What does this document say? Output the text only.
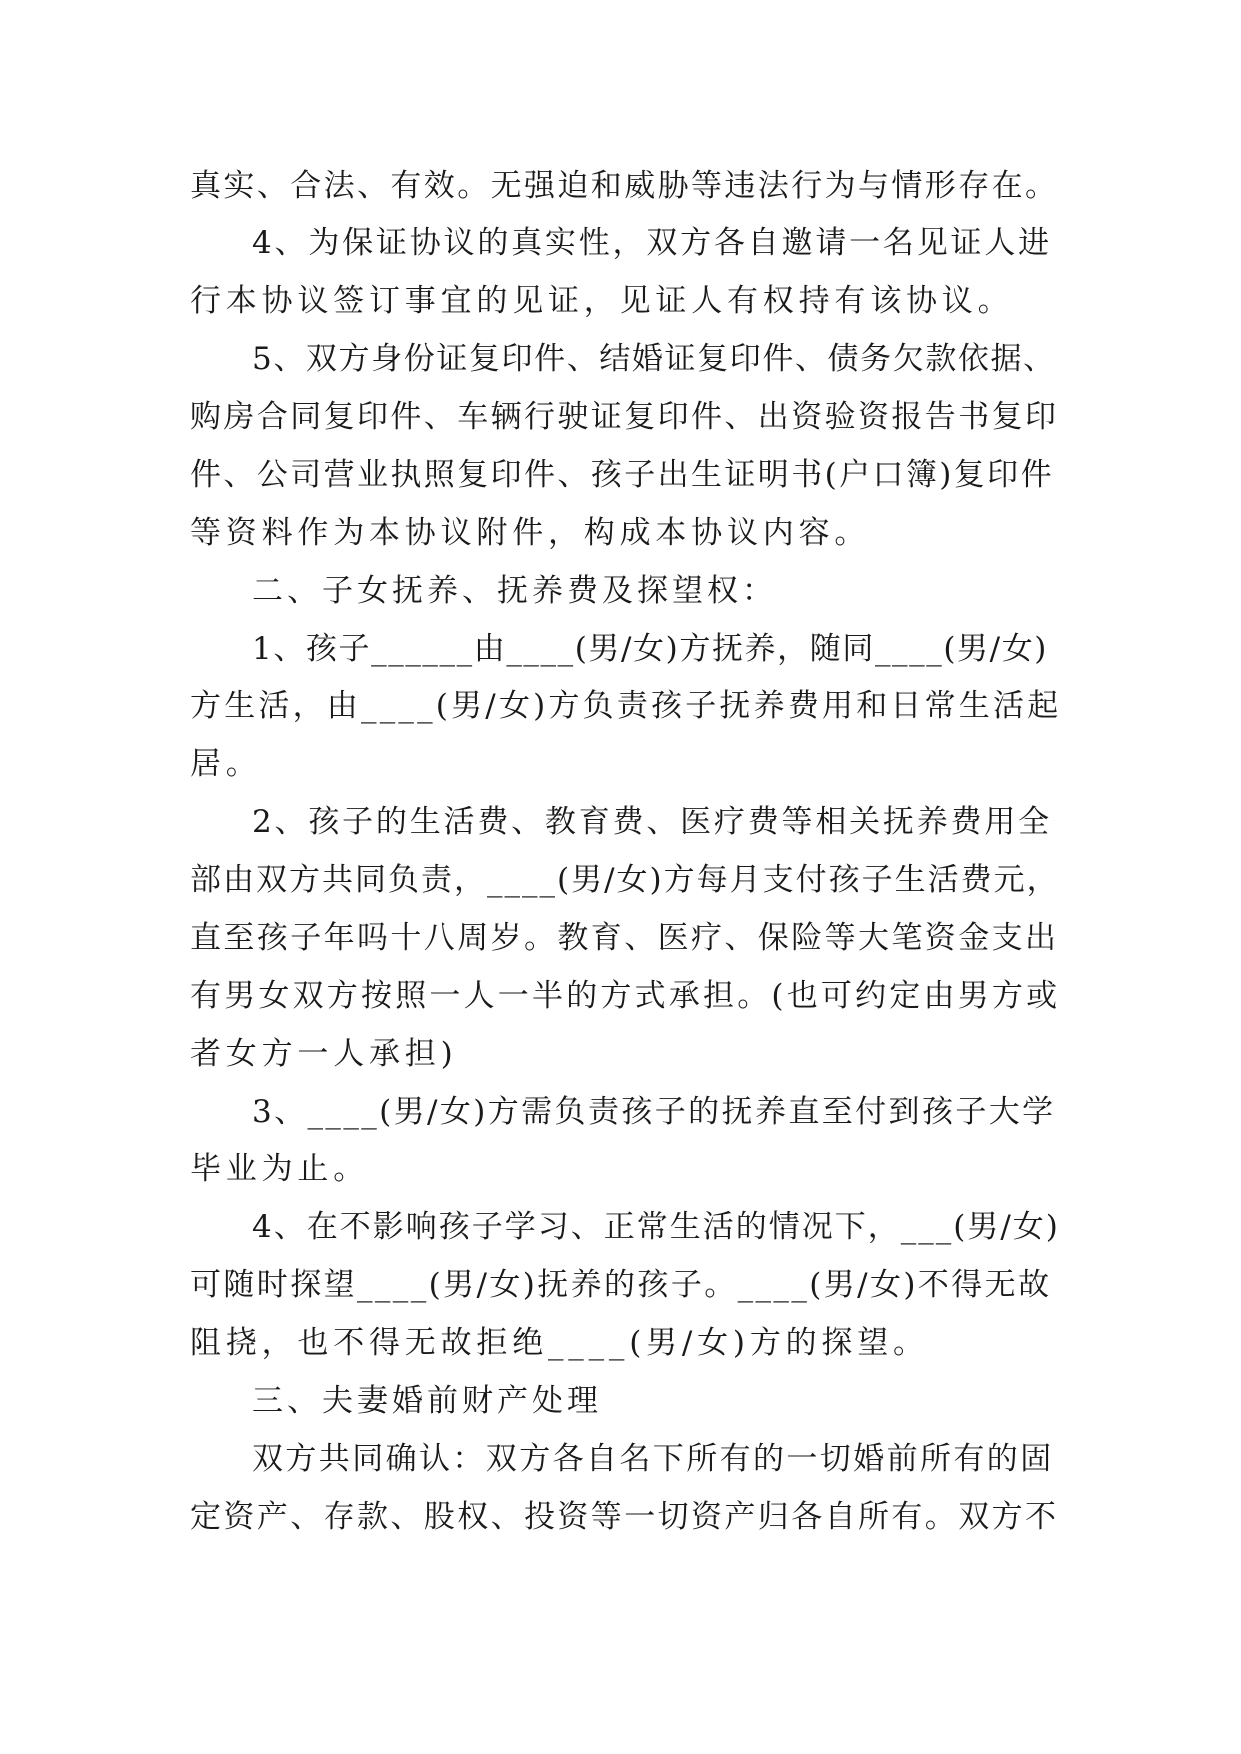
真实、合法、有效。无强迫和威胁等违法行为与情形存在。
4、为保证协议的真实性，双方各自邀请一名见证人进
行本协议签订事宜的见证，见证人有权持有该协议。
5、双方身份证复印件、结婚证复印件、债务欠款依据、
购房合同复印件、车辆行驶证复印件、出资验资报告书复印
件、公司营业执照复印件、孩子出生证明书(户口簿)复印件
等资料作为本协议附件，构成本协议内容。
二、子女抚养、抚养费及探望权：
1、孩子______由____(男/女)方抚养，随同____(男/女)
方生活，由____(男/女)方负责孩子抚养费用和日常生活起
居。
2、孩子的生活费、教育费、医疗费等相关抚养费用全
部由双方共同负责，____(男/女)方每月支付孩子生活费元，
直至孩子年吗十八周岁。教育、医疗、保险等大笔资金支出
有男女双方按照一人一半的方式承担。(也可约定由男方或
者女方一人承担)
3、____(男/女)方需负责孩子的抚养直至付到孩子大学
毕业为止。
4、在不影响孩子学习、正常生活的情况下，___(男/女)
可随时探望____(男/女)抚养的孩子。____(男/女)不得无故
阻挠，也不得无故拒绝____(男/女)方的探望。
三、夫妻婚前财产处理
双方共同确认：双方各自名下所有的一切婚前所有的固
定资产、存款、股权、投资等一切资产归各自所有。双方不
